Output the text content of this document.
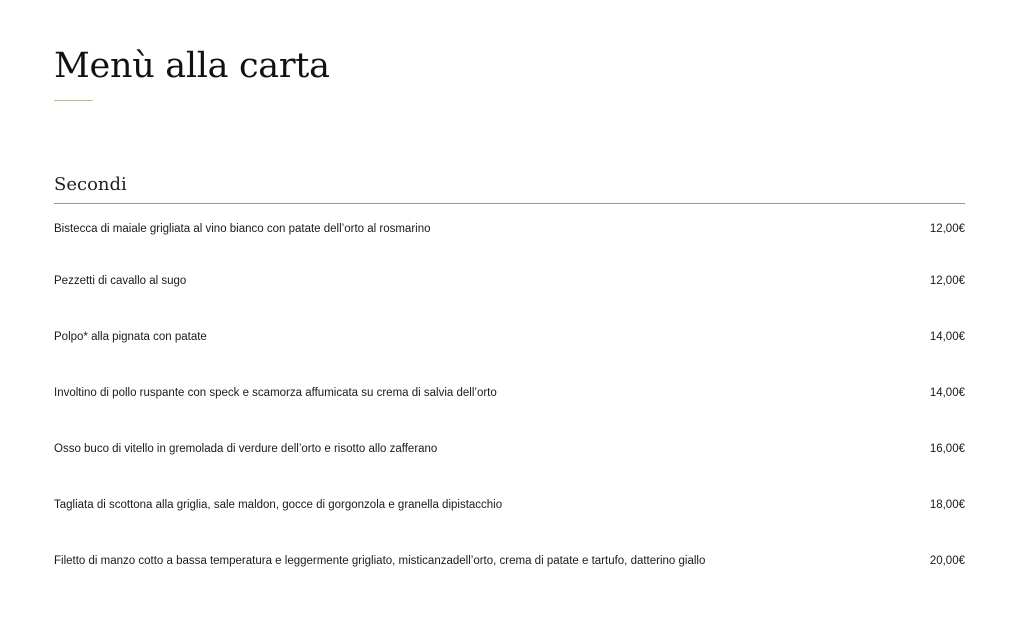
Menù alla carta
Secondi
Bistecca di maiale grigliata al vino bianco con patate dell’orto al rosmarino	12,00€
Pezzetti di cavallo al sugo	12,00€
Polpo* alla pignata con patate	14,00€
Involtino di pollo ruspante con speck e scamorza affumicata su crema di salvia dell’orto	14,00€
Osso buco di vitello in gremolada di verdure dell’orto e risotto allo zafferano	16,00€
Tagliata di scottona alla griglia, sale maldon, gocce di gorgonzola e granella dipistacchio	18,00€
Filetto di manzo cotto a bassa temperatura e leggermente grigliato, misticanzadell’orto, crema di patate e tartufo, datterino giallo	20,00€
